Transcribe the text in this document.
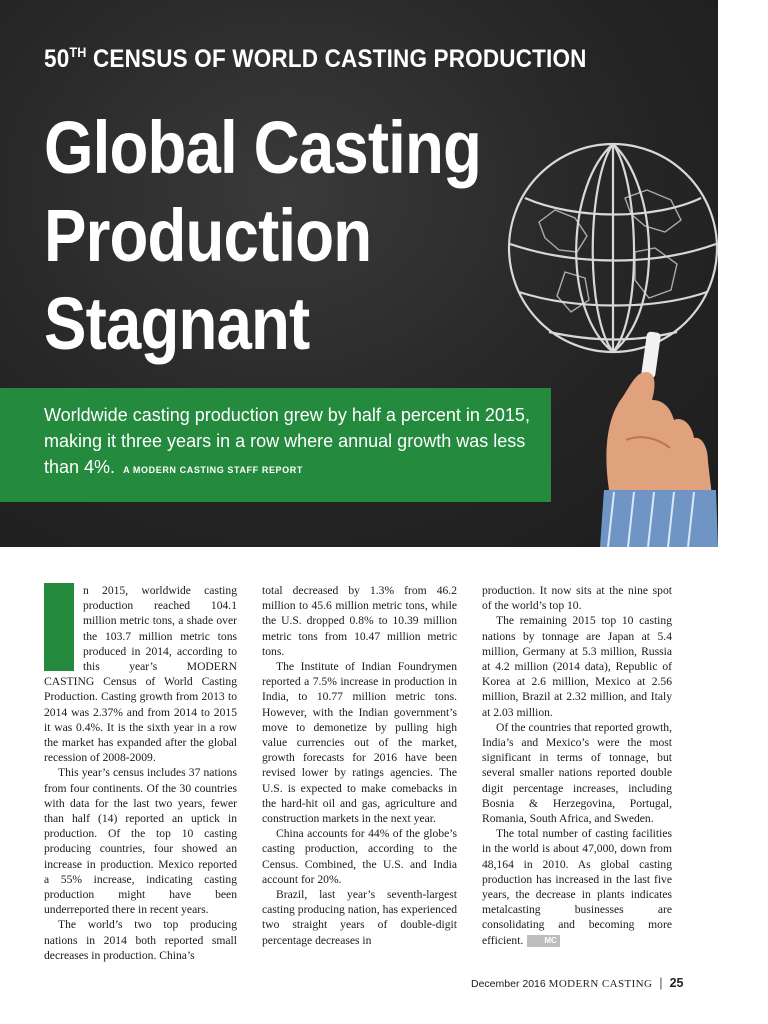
50TH CENSUS OF WORLD CASTING PRODUCTION
Global Casting
Production
Stagnant

Worldwide casting production grew by half a percent in 2015, making it three years in a row where annual growth was less than 4%. A MODERN CASTING STAFF REPORT

n 2015, worldwide casting production reached 104.1 million metric tons, a shade over the 103.7 million metric tons produced in 2014, according to this year’s MODERN CASTING Census of World Casting Production. Casting growth from 2013 to 2014 was 2.37% and from 2014 to 2015 it was 0.4%. It is the sixth year in a row the market has expanded after the global recession of 2008-2009.

This year’s census includes 37 nations from four continents. Of the 30 countries with data for the last two years, fewer than half (14) reported an uptick in production. Of the top 10 casting producing countries, four showed an increase in production. Mexico reported a 55% increase, indicating casting production might have been underreported there in recent years.

The world’s two top producing nations in 2014 both reported small decreases in production. China’s

total decreased by 1.3% from 46.2 million to 45.6 million metric tons, while the U.S. dropped 0.8% to 10.39 million metric tons from 10.47 million metric tons.

The Institute of Indian Foundrymen reported a 7.5% increase in production in India, to 10.77 million metric tons. However, with the Indian government’s move to demonetize by pulling high value currencies out of the market, growth forecasts for 2016 have been revised lower by ratings agencies. The U.S. is expected to make comebacks in the hard-hit oil and gas, agriculture and construction markets in the next year.

China accounts for 44% of the globe’s casting production, according to the Census. Combined, the U.S. and India account for 20%.

Brazil, last year’s seventh-largest casting producing nation, has experienced two straight years of double-digit percentage decreases in

production. It now sits at the nine spot of the world’s top 10.

The remaining 2015 top 10 casting nations by tonnage are Japan at 5.4 million, Germany at 5.3 million, Russia at 4.2 million (2014 data), Republic of Korea at 2.6 million, Mexico at 2.56 million, Brazil at 2.32 million, and Italy at 2.03 million.

Of the countries that reported growth, India’s and Mexico’s were the most significant in terms of tonnage, but several smaller nations reported double digit percentage increases, including Bosnia & Herzegovina, Portugal, Romania, South Africa, and Sweden.

The total number of casting facilities in the world is about 47,000, down from 48,164 in 2010. As global casting production has increased in the last five years, the decrease in plants indicates metalcasting businesses are consolidating and becoming more efficient.	MC

December 2016 MODERN CASTING | 25
